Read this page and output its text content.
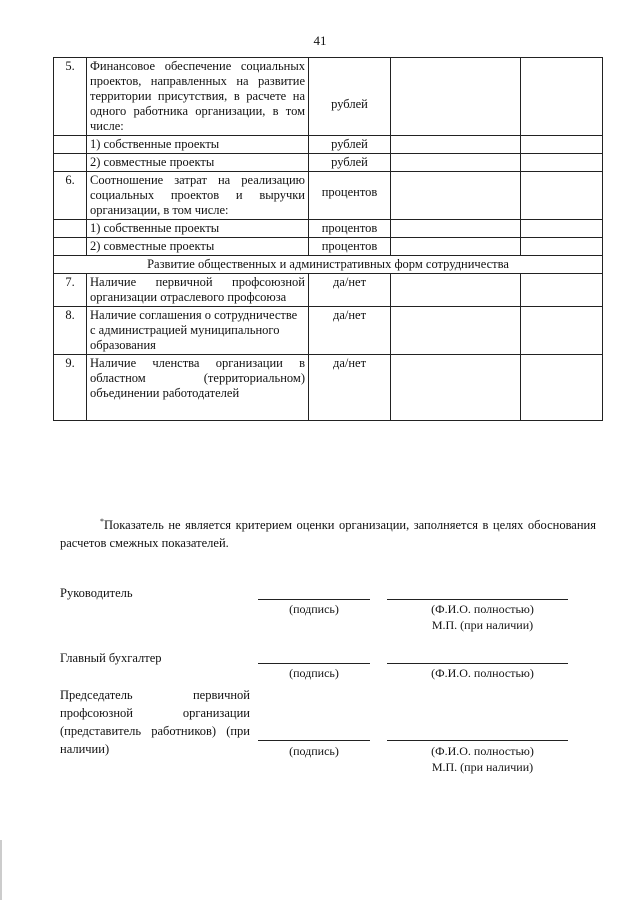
41
5.	Финансовое обеспечение социальных проектов, направленных на развитие территории присутствия, в расчете на одного работника организации, в том числе:	рублей		
	1) собственные проекты	рублей		
	2) совместные проекты	рублей		
6.	Соотношение затрат на реализацию социальных проектов и выручки организации, в том числе:	процентов		
	1) собственные проекты	процентов		
	2) совместные проекты	процентов		
Развитие общественных и административных форм сотрудничества				
7.	Наличие первичной профсоюзной организации отраслевого профсоюза	да/нет		
8.	Наличие соглашения о сотрудничестве с администрацией муниципального образования	да/нет		
9.	Наличие членства организации в областном (территориальном) объединении работодателей	да/нет		
*Показатель не является критерием оценки организации, заполняется в целях обоснования расчетов смежных показателей.
Руководитель
(подпись)	(Ф.И.О. полностью)
М.П. (при наличии)
Главный бухгалтер
(подпись)	(Ф.И.О. полностью)
Председатель первичной профсоюзной организации (представитель работников) (при наличии)	(подпись)	(Ф.И.О. полностью)
М.П. (при наличии)
